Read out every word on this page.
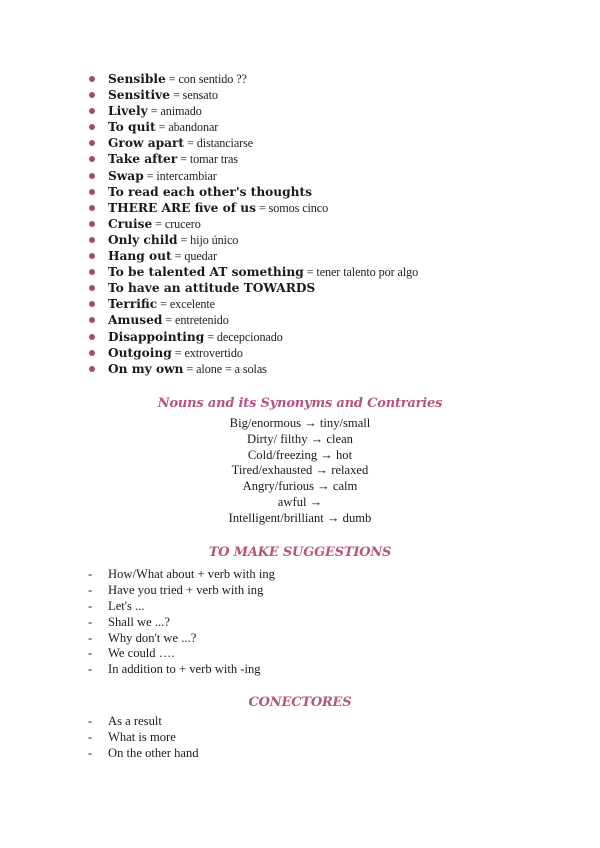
Sensible = con sentido ??
Sensitive = sensato
Lively = animado
To quit = abandonar
Grow apart = distanciarse
Take after = tomar tras
Swap = intercambiar
To read each other's thoughts
THERE ARE five of us = somos cinco
Cruise = crucero
Only child = hijo único
Hang out = quedar
To be talented AT something = tener talento por algo
To have an attitude TOWARDS
Terrific = excelente
Amused = entretenido
Disappointing = decepcionado
Outgoing = extrovertido
On my own = alone = a solas
Nouns and its Synonyms and Contraries
Big/enormous → tiny/small
Dirty/ filthy → clean
Cold/freezing → hot
Tired/exhausted → relaxed
Angry/furious → calm
awful →
Intelligent/brilliant → dumb
TO MAKE SUGGESTIONS
- How/What about + verb with ing
- Have you tried + verb with ing
- Let's ...
- Shall we ...?
- Why don't we ...?
- We could ….
- In addition to + verb with -ing
CONECTORES
- As a result
- What is more
- On the other hand
